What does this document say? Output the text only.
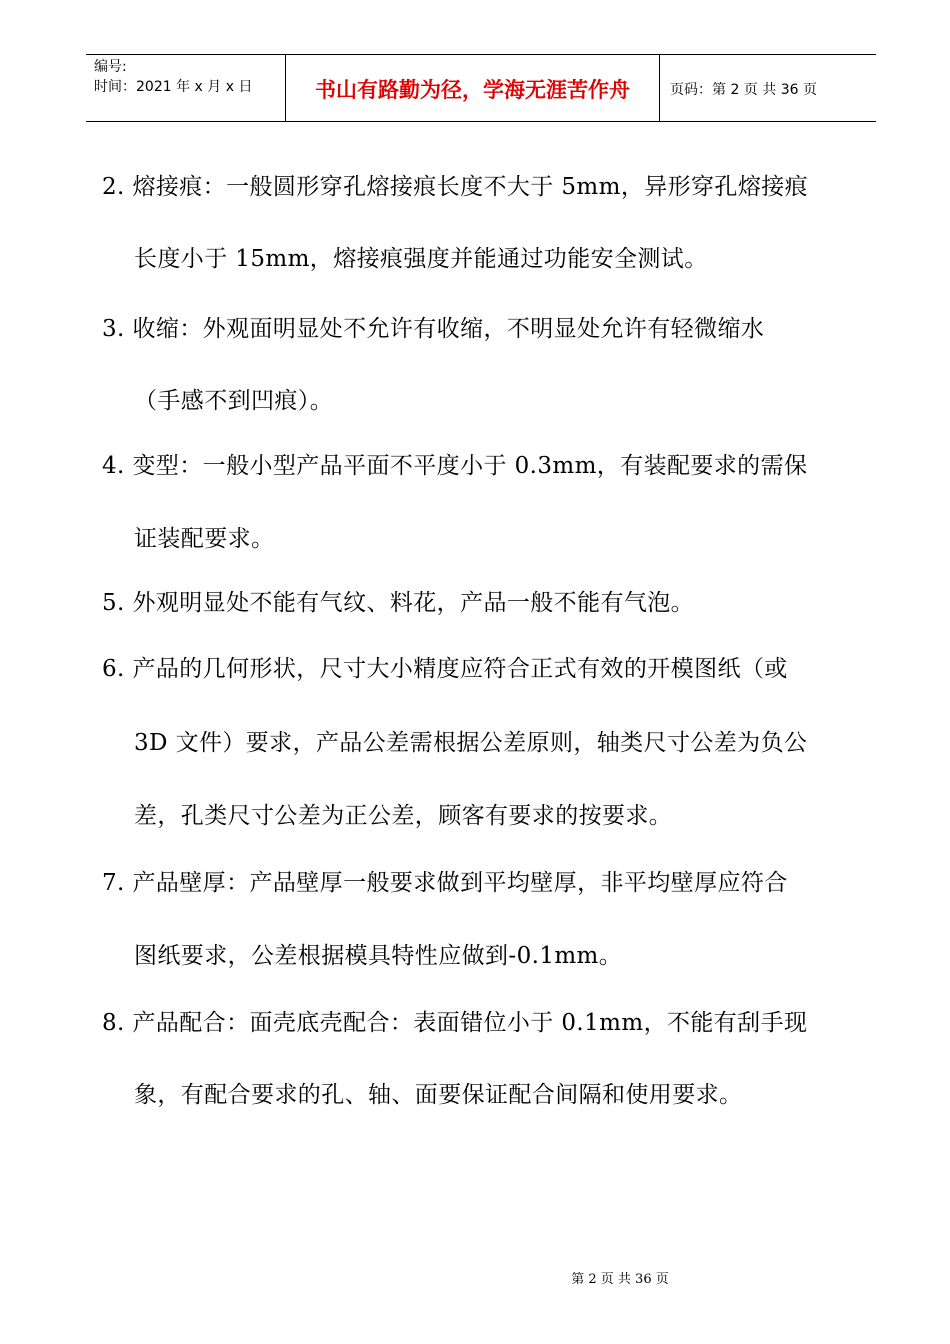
编号:
时间：2021 年 x 月 x 日	书山有路勤为径，学海无涯苦作舟	页码：第 2 页 共 36 页
2. 熔接痕：一般圆形穿孔熔接痕长度不大于 5mm，异形穿孔熔接痕
长度小于 15mm，熔接痕强度并能通过功能安全测试。
3. 收缩：外观面明显处不允许有收缩，不明显处允许有轻微缩水
（手感不到凹痕）。
4. 变型：一般小型产品平面不平度小于 0.3mm，有装配要求的需保
证装配要求。
5. 外观明显处不能有气纹、料花，产品一般不能有气泡。
6. 产品的几何形状，尺寸大小精度应符合正式有效的开模图纸（或
3D 文件）要求，产品公差需根据公差原则，轴类尺寸公差为负公
差，孔类尺寸公差为正公差，顾客有要求的按要求。
7. 产品壁厚：产品壁厚一般要求做到平均壁厚，非平均壁厚应符合
图纸要求，公差根据模具特性应做到-0.1mm。
8. 产品配合：面壳底壳配合：表面错位小于 0.1mm，不能有刮手现
象，有配合要求的孔、轴、面要保证配合间隔和使用要求。
第 2 页 共 36 页
